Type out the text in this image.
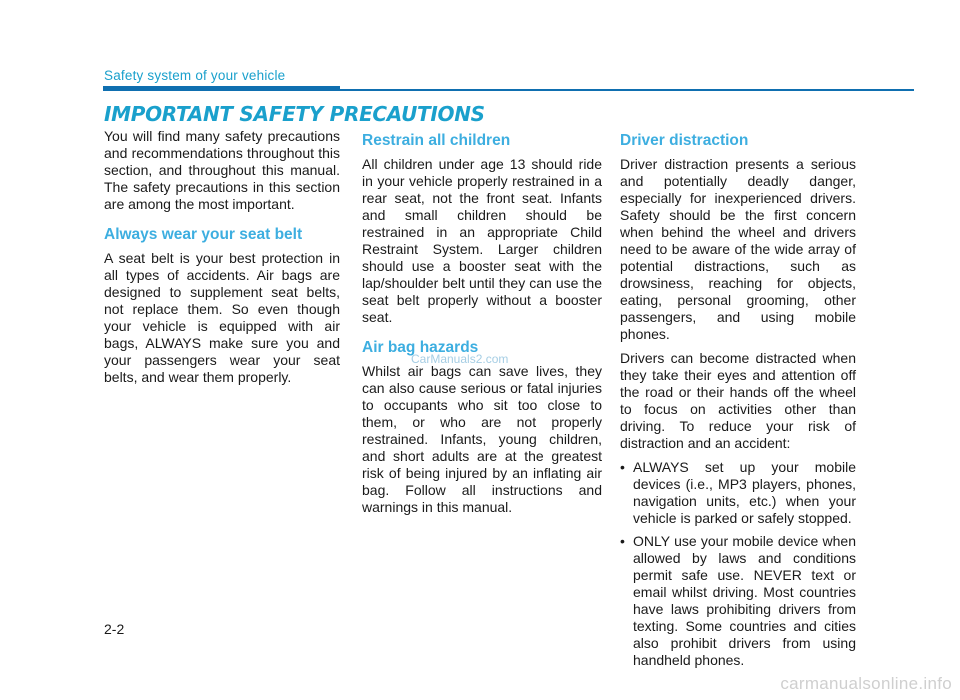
Safety system of your vehicle
IMPORTANT SAFETY PRECAUTIONS

You will find many safety precautions and recommendations throughout this section, and throughout this manual. The safety precautions in this section are among the most important.

Always wear your seat belt

A seat belt is your best protection in all types of accidents. Air bags are designed to supplement seat belts, not replace them. So even though your vehicle is equipped with air bags, ALWAYS make sure you and your passengers wear your seat belts, and wear them properly.

Restrain all children

All children under age 13 should ride in your vehicle properly restrained in a rear seat, not the front seat. Infants and small children should be restrained in an appropriate Child Restraint System. Larger children should use a booster seat with the lap/shoulder belt until they can use the seat belt properly without a booster seat.

Air bag hazards

Whilst air bags can save lives, they can also cause serious or fatal injuries to occupants who sit too close to them, or who are not properly restrained. Infants, young children, and short adults are at the greatest risk of being injured by an inflating air bag. Follow all instructions and warnings in this manual.

Driver distraction

Driver distraction presents a serious and potentially deadly danger, especially for inexperienced drivers. Safety should be the first concern when behind the wheel and drivers need to be aware of the wide array of potential distractions, such as drowsiness, reaching for objects, eating, personal grooming, other passengers, and using mobile phones.

Drivers can become distracted when they take their eyes and attention off the road or their hands off the wheel to focus on activities other than driving. To reduce your risk of distraction and an accident:

• ALWAYS set up your mobile devices (i.e., MP3 players, phones, navigation units, etc.) when your vehicle is parked or safely stopped.
• ONLY use your mobile device when allowed by laws and conditions permit safe use. NEVER text or email whilst driving. Most countries have laws prohibiting drivers from texting. Some countries and cities also prohibit drivers from using handheld phones.
CarManuals2.com
2-2
carmanualsonline.info
